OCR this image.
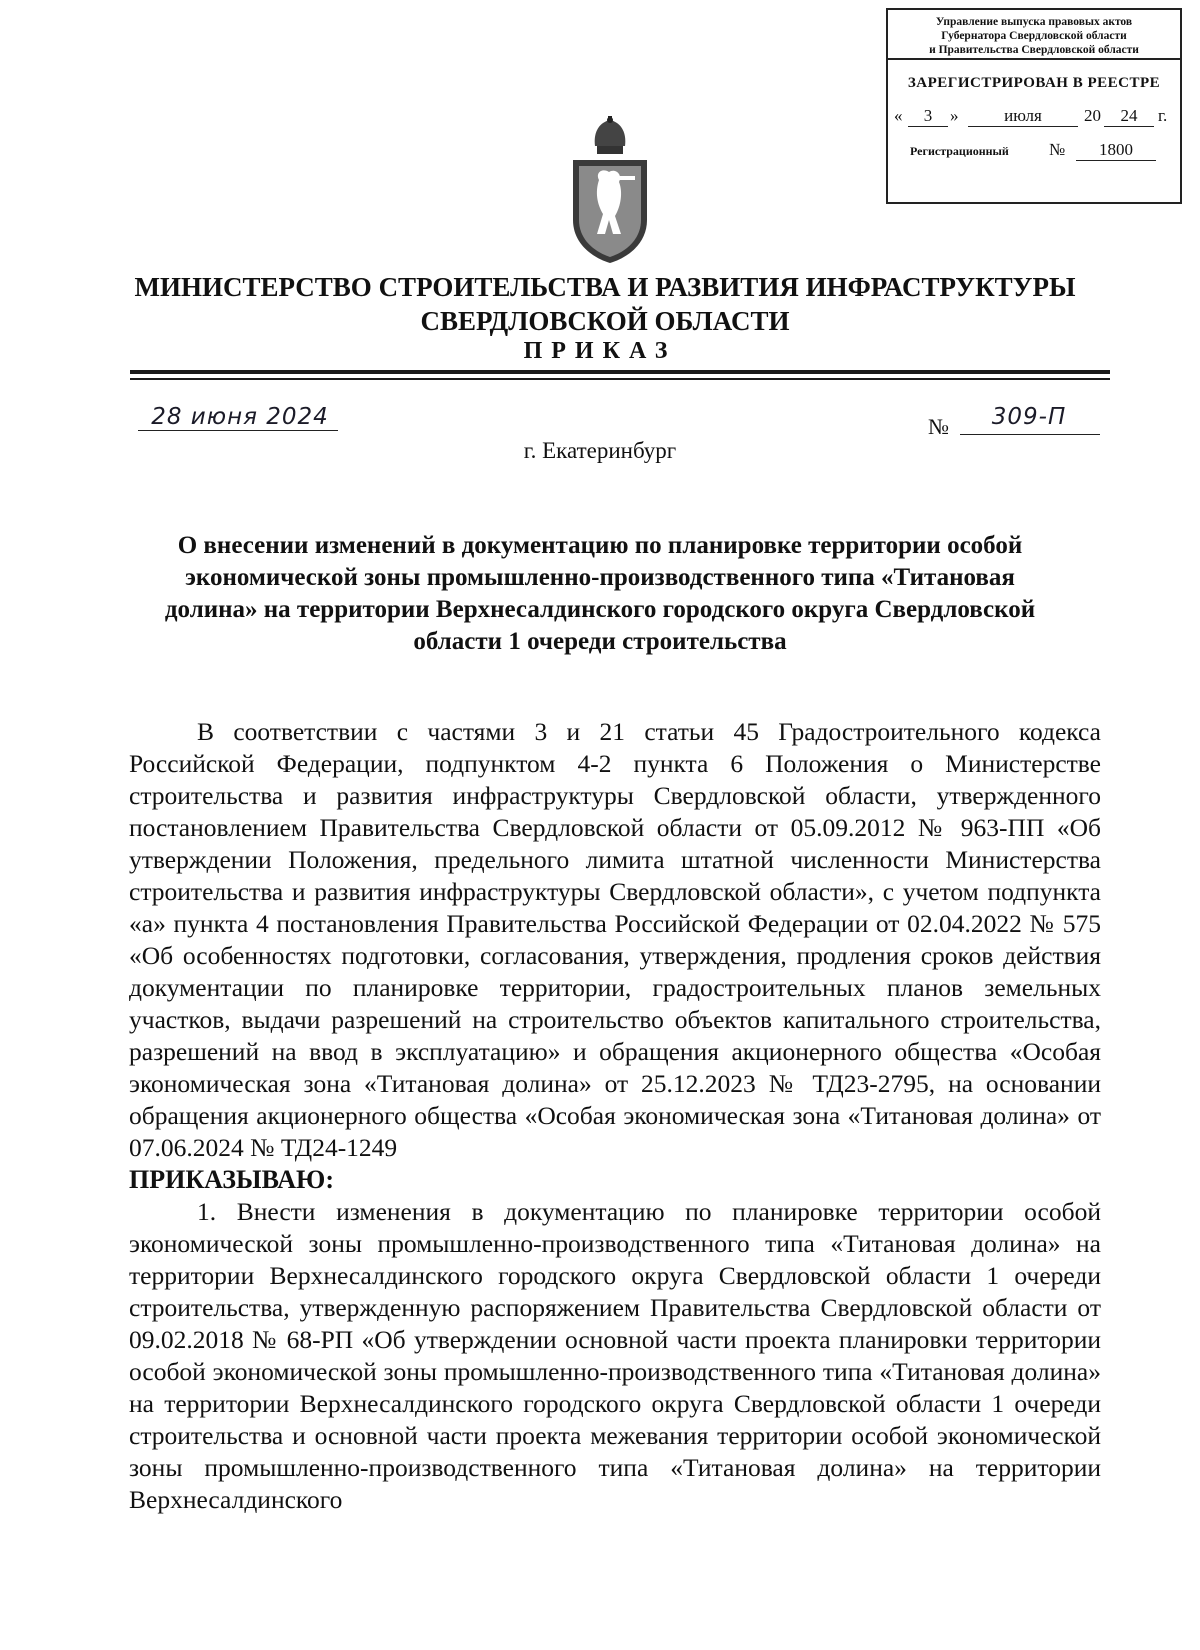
Управление выпуска правовых актов
Губернатора Свердловской области
и Правительства Свердловской области
ЗАРЕГИСТРИРОВАН В РЕЕСТРЕ
«	3	»	июля	20	24	г.
Регистрационный №	1800
МИНИСТЕРСТВО СТРОИТЕЛЬСТВА И РАЗВИТИЯ ИНФРАСТРУКТУРЫ
СВЕРДЛОВСКОЙ ОБЛАСТИ
ПРИКАЗ
28 июня 2024	№	309-П
г. Екатеринбург
О внесении изменений в документацию по планировке территории особой экономической зоны промышленно-производственного типа «Титановая долина» на территории Верхнесалдинского городского округа Свердловской области 1 очереди строительства

В соответствии с частями 3 и 21 статьи 45 Градостроительного кодекса Российской Федерации, подпунктом 4-2 пункта 6 Положения о Министерстве строительства и развития инфраструктуры Свердловской области, утвержденного постановлением Правительства Свердловской области от 05.09.2012 № 963-ПП «Об утверждении Положения, предельного лимита штатной численности Министерства строительства и развития инфраструктуры Свердловской области», с учетом подпункта «а» пункта 4 постановления Правительства Российской Федерации от 02.04.2022 № 575 «Об особенностях подготовки, согласования, утверждения, продления сроков действия документации по планировке территории, градостроительных планов земельных участков, выдачи разрешений на строительство объектов капитального строительства, разрешений на ввод в эксплуатацию» и обращения акционерного общества «Особая экономическая зона «Титановая долина» от 25.12.2023 № ТД23-2795, на основании обращения акционерного общества «Особая экономическая зона «Титановая долина» от 07.06.2024 № ТД24-1249

ПРИКАЗЫВАЮ:

1. Внести изменения в документацию по планировке территории особой экономической зоны промышленно-производственного типа «Титановая долина» на территории Верхнесалдинского городского округа Свердловской области 1 очереди строительства, утвержденную распоряжением Правительства Свердловской области от 09.02.2018 № 68-РП «Об утверждении основной части проекта планировки территории особой экономической зоны промышленно-производственного типа «Титановая долина» на территории Верхнесалдинского городского округа Свердловской области 1 очереди строительства и основной части проекта межевания территории особой экономической зоны промышленно-производственного типа «Титановая долина» на территории Верхнесалдинского
